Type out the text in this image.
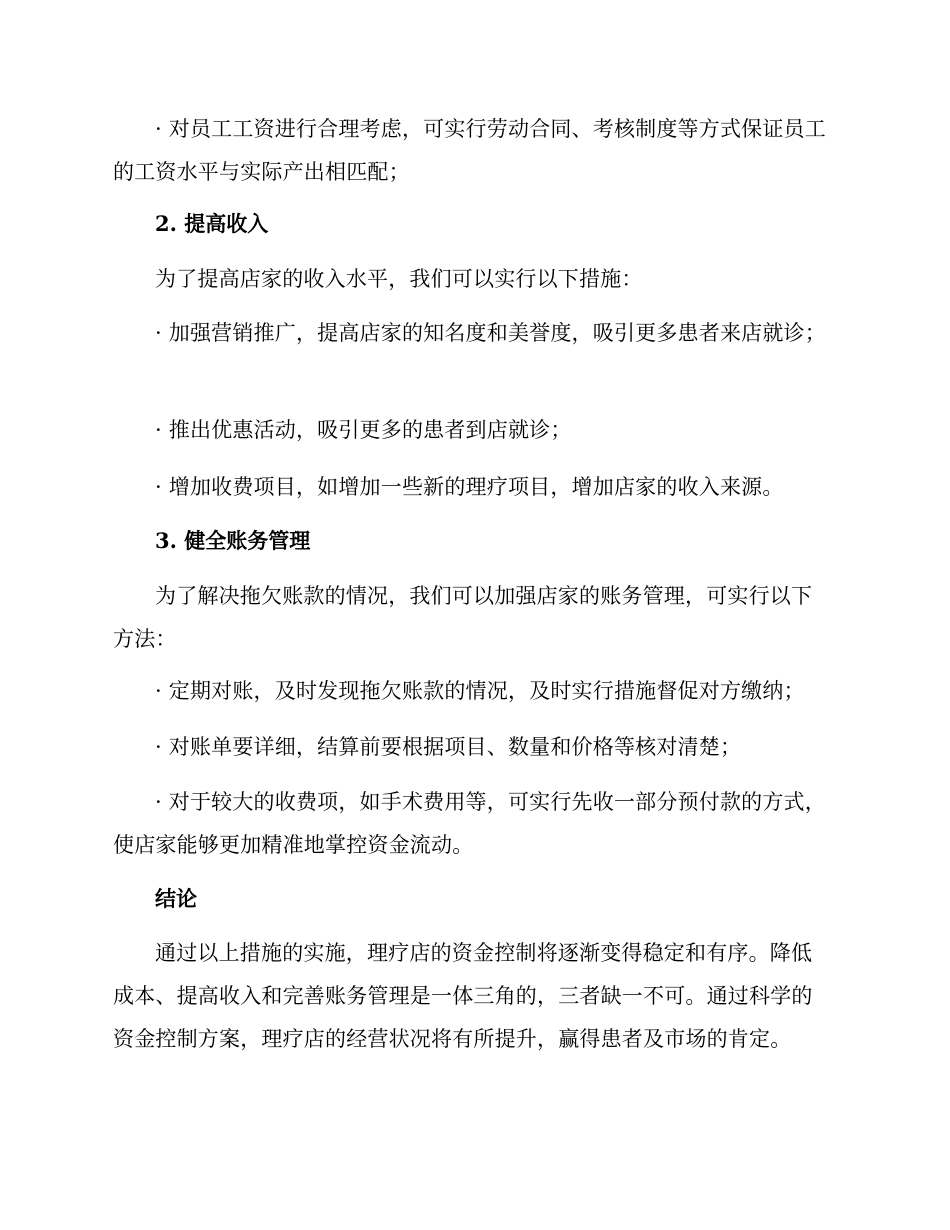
· 对员工工资进行合理考虑，可实行劳动合同、考核制度等方式保证员工的工资水平与实际产出相匹配；

2. 提高收入

为了提高店家的收入水平，我们可以实行以下措施：

· 加强营销推广，提高店家的知名度和美誉度，吸引更多患者来店就诊；

· 推出优惠活动，吸引更多的患者到店就诊；

· 增加收费项目，如增加一些新的理疗项目，增加店家的收入来源。

3. 健全账务管理

为了解决拖欠账款的情况，我们可以加强店家的账务管理，可实行以下方法：

· 定期对账，及时发现拖欠账款的情况，及时实行措施督促对方缴纳；

· 对账单要详细，结算前要根据项目、数量和价格等核对清楚；

· 对于较大的收费项，如手术费用等，可实行先收一部分预付款的方式，使店家能够更加精准地掌控资金流动。

结论

通过以上措施的实施，理疗店的资金控制将逐渐变得稳定和有序。降低成本、提高收入和完善账务管理是一体三角的，三者缺一不可。通过科学的资金控制方案，理疗店的经营状况将有所提升，赢得患者及市场的肯定。
